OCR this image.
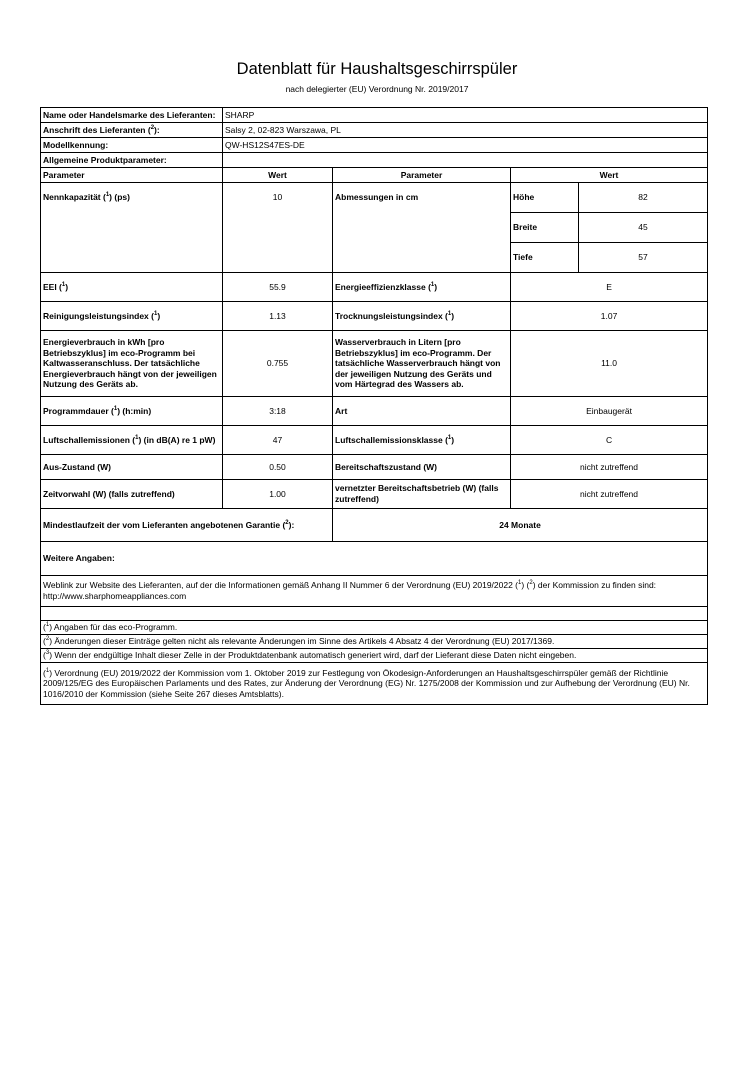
Datenblatt für Haushaltsgeschirrspüler
nach delegierter (EU) Verordnung Nr. 2019/2017
Name oder Handelsmarke des Lieferanten:	SHARP			
Anschrift des Lieferanten ($^2$):	Salsy 2, 02-823 Warszawa, PL			
Modellkennung:	QW-HS12S47ES-DE			
Allgemeine Produktparameter:				
Parameter	Wert	Parameter	Wert	
Nennkapazität ($^1$) (ps)	10	Abmessungen in cm	Höhe	82
			Breite	45
			Tiefe	57
EEI ($^1$)	55.9	Energieeffizienzklasse ($^1$)	E	
Reinigungsleistungsindex ($^1$)	1.13	Trocknungsleistungsindex ($^1$)	1.07	
Energieverbrauch in kWh [pro Betriebszyklus] im eco-Programm bei Kaltwasseranschluss. Der tatsächliche Energieverbrauch hängt von der jeweiligen Nutzung des Geräts ab.	0.755	Wasserverbrauch in Litern [pro Betriebszyklus] im eco-Programm. Der tatsächliche Wasserverbrauch hängt von der jeweiligen Nutzung des Geräts und vom Härtegrad des Wassers ab.	11.0	
Programmdauer ($^1$) (h:min)	3:18	Art	Einbaugerät	
Luftschallemissionen ($^1$) (in dB(A) re 1 pW)	47	Luftschallemissionsklasse ($^1$)	C	
Aus-Zustand (W)	0.50	Bereitschaftszustand (W)	nicht zutreffend	
Zeitvorwahl (W) (falls zutreffend)	1.00	vernetzter Bereitschaftsbetrieb (W) (falls zutreffend)	nicht zutreffend	
Mindestlaufzeit der vom Lieferanten angebotenen Garantie ($^2$):		24 Monate		
Weitere Angaben:				
Weblink zur Website des Lieferanten, auf der die Informationen gemäß Anhang II Nummer 6 der Verordnung (EU) 2019/2022 ($^1$) ($^2$) der Kommission zu finden sind: http://www.sharphomeappliances.com				

($^1$) Angaben für das eco-Programm.				
($^2$) Änderungen dieser Einträge gelten nicht als relevante Änderungen im Sinne des Artikels 4 Absatz 4 der Verordnung (EU) 2017/1369.				
($^3$) Wenn der endgültige Inhalt dieser Zelle in der Produktdatenbank automatisch generiert wird, darf der Lieferant diese Daten nicht eingeben.				
($^1$) Verordnung (EU) 2019/2022 der Kommission vom 1. Oktober 2019 zur Festlegung von Ökodesign-Anforderungen an Haushaltsgeschirrspüler gemäß der Richtlinie 2009/125/EG des Europäischen Parlaments und des Rates, zur Änderung der Verordnung (EG) Nr. 1275/2008 der Kommission und zur Aufhebung der Verordnung (EU) Nr. 1016/2010 der Kommission (siehe Seite 267 dieses Amtsblatts).				
